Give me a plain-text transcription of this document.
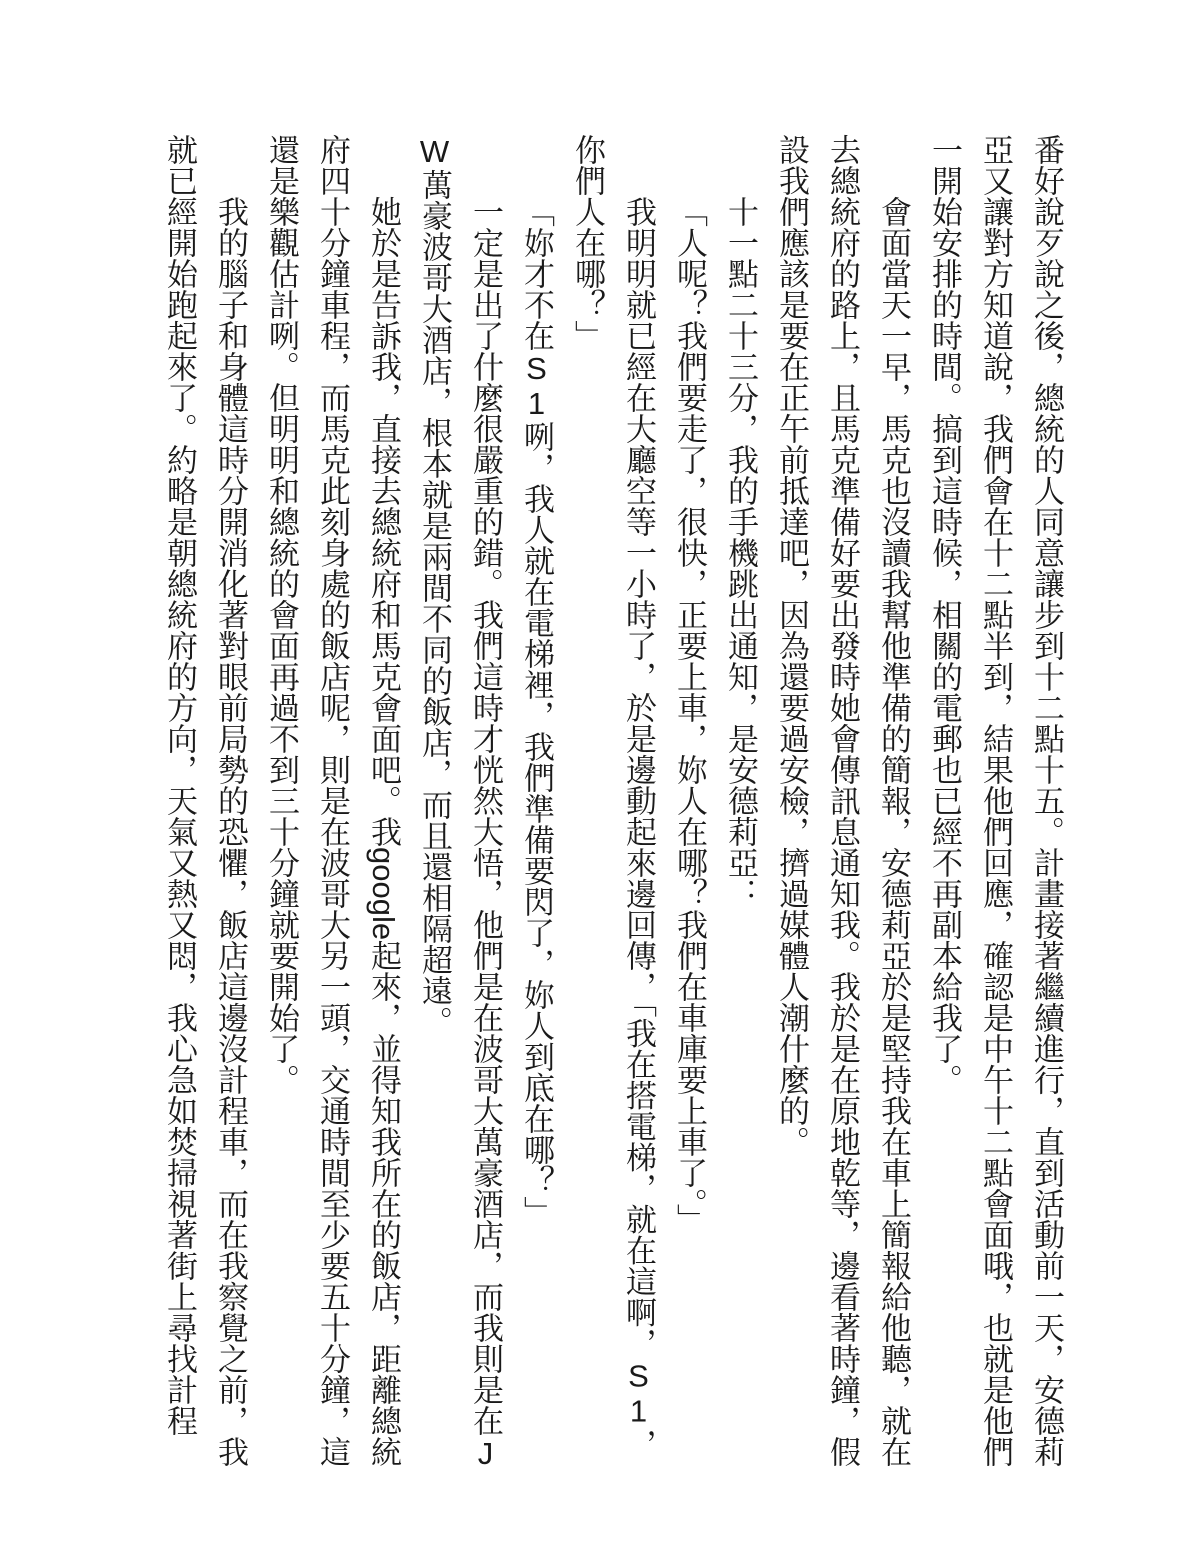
番好說歹說之後，總統的人同意讓步到十二點十五。計畫接著繼續進行，直到活動前一天，安德莉亞又讓對方知道說，我們會在十二點半到，結果他們回應，確認是中午十二點會面哦，也就是他們一開始安排的時間。搞到這時候，相關的電郵也已經不再副本給我了。

會面當天一早，馬克也沒讀我幫他準備的簡報，安德莉亞於是堅持我在車上簡報給他聽，就在去總統府的路上，且馬克準備好要出發時她會傳訊息通知我。我於是在原地乾等，邊看著時鐘，假設我們應該是要在正午前抵達吧，因為還要過安檢，擠過媒體人潮什麼的。

十一點二十三分，我的手機跳出通知，是安德莉亞：

「人呢？我們要走了，很快，正要上車，妳人在哪？我們在車庫要上車了。」

我明明就已經在大廳空等一小時了，於是邊動起來邊回傳，「我在搭電梯，就在這啊，S1，你們人在哪？」

「妳才不在S1咧，我人就在電梯裡，我們準備要閃了，妳人到底在哪？」

一定是出了什麼很嚴重的錯。我們這時才恍然大悟，他們是在波哥大萬豪酒店，而我則是在JW萬豪波哥大酒店，根本就是兩間不同的飯店，而且還相隔超遠。

她於是告訴我，直接去總統府和馬克會面吧。我google起來，並得知我所在的飯店，距離總統府四十分鐘車程，而馬克此刻身處的飯店呢，則是在波哥大另一頭，交通時間至少要五十分鐘，這還是樂觀估計咧。但明明和總統的會面再過不到三十分鐘就要開始了。

我的腦子和身體這時分開消化著對眼前局勢的恐懼，飯店這邊沒計程車，而在我察覺之前，我就已經開始跑起來了。約略是朝總統府的方向，天氣又熱又悶，我心急如焚掃視著街上尋找計程
